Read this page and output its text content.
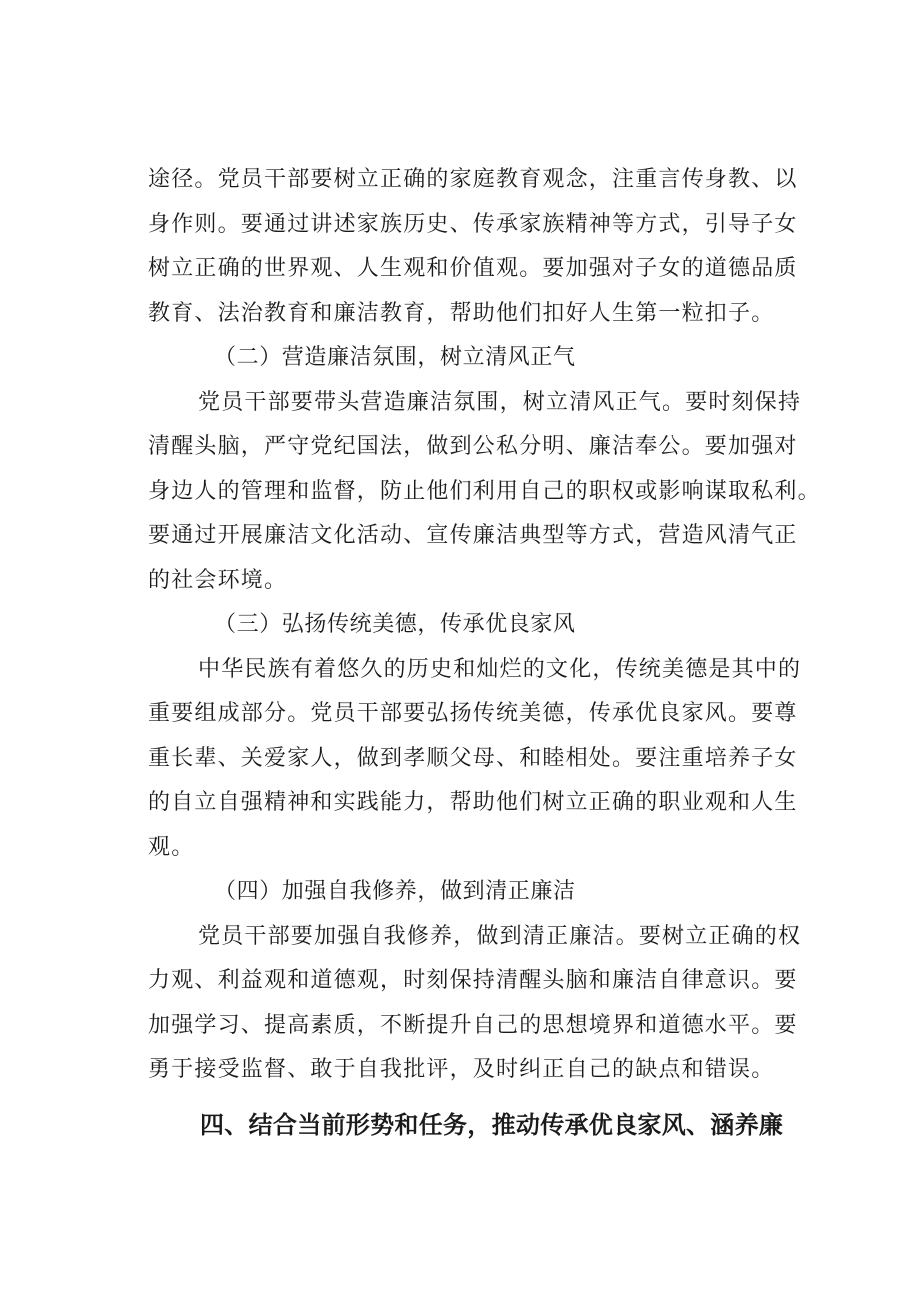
途径。党员干部要树立正确的家庭教育观念，注重言传身教、以
身作则。要通过讲述家族历史、传承家族精神等方式，引导子女
树立正确的世界观、人生观和价值观。要加强对子女的道德品质
教育、法治教育和廉洁教育，帮助他们扣好人生第一粒扣子。
（二）营造廉洁氛围，树立清风正气
党员干部要带头营造廉洁氛围，树立清风正气。要时刻保持
清醒头脑，严守党纪国法，做到公私分明、廉洁奉公。要加强对
身边人的管理和监督，防止他们利用自己的职权或影响谋取私利。
要通过开展廉洁文化活动、宣传廉洁典型等方式，营造风清气正
的社会环境。
（三）弘扬传统美德，传承优良家风
中华民族有着悠久的历史和灿烂的文化，传统美德是其中的
重要组成部分。党员干部要弘扬传统美德，传承优良家风。要尊
重长辈、关爱家人，做到孝顺父母、和睦相处。要注重培养子女
的自立自强精神和实践能力，帮助他们树立正确的职业观和人生
观。
（四）加强自我修养，做到清正廉洁
党员干部要加强自我修养，做到清正廉洁。要树立正确的权
力观、利益观和道德观，时刻保持清醒头脑和廉洁自律意识。要
加强学习、提高素质，不断提升自己的思想境界和道德水平。要
勇于接受监督、敢于自我批评，及时纠正自己的缺点和错误。
四、结合当前形势和任务，推动传承优良家风、涵养廉
